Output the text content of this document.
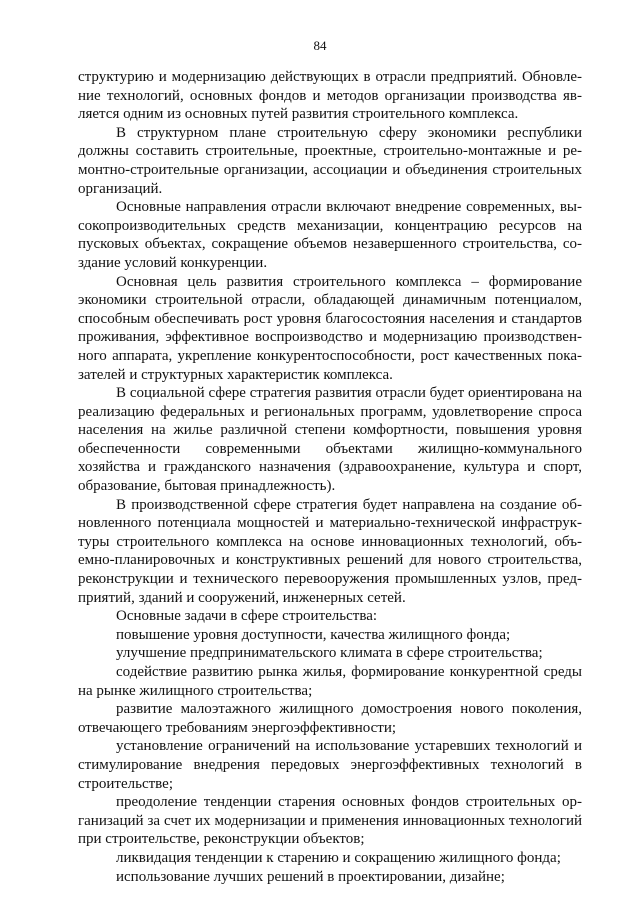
84

структурию и модернизацию действующих в отрасли предприятий. Обновление технологий, основных фондов и методов организации производства является одним из основных путей развития строительного комплекса.

В структурном плане строительную сферу экономики республики должны составить строительные, проектные, строительно-монтажные и ремонтно-строительные организации, ассоциации и объединения строительных организаций.

Основные направления отрасли включают внедрение современных, высокопроизводительных средств механизации, концентрацию ресурсов на пусковых объектах, сокращение объемов незавершенного строительства, создание условий конкуренции.

Основная цель развития строительного комплекса – формирование экономики строительной отрасли, обладающей динамичным потенциалом, способным обеспечивать рост уровня благосостояния населения и стандартов проживания, эффективное воспроизводство и модернизацию производственного аппарата, укрепление конкурентоспособности, рост качественных показателей и структурных характеристик комплекса.

В социальной сфере стратегия развития отрасли будет ориентирована на реализацию федеральных и региональных программ, удовлетворение спроса населения на жилье различной степени комфортности, повышения уровня обеспеченности современными объектами жилищно-коммунального хозяйства и гражданского назначения (здравоохранение, культура и спорт, образование, бытовая принадлежность).

В производственной сфере стратегия будет направлена на создание обновленного потенциала мощностей и материально-технической инфраструктуры строительного комплекса на основе инновационных технологий, объемно-планировочных и конструктивных решений для нового строительства, реконструкции и технического перевооружения промышленных узлов, предприятий, зданий и сооружений, инженерных сетей.

Основные задачи в сфере строительства:

повышение уровня доступности, качества жилищного фонда;

улучшение предпринимательского климата в сфере строительства;

содействие развитию рынка жилья, формирование конкурентной среды на рынке жилищного строительства;

развитие малоэтажного жилищного домостроения нового поколения, отвечающего требованиям энергоэффективности;

установление ограничений на использование устаревших технологий и стимулирование внедрения передовых энергоэффективных технологий в строительстве;

преодоление тенденции старения основных фондов строительных организаций за счет их модернизации и применения инновационных технологий при строительстве, реконструкции объектов;

ликвидация тенденции к старению и сокращению жилищного фонда;

использование лучших решений в проектировании, дизайне;
